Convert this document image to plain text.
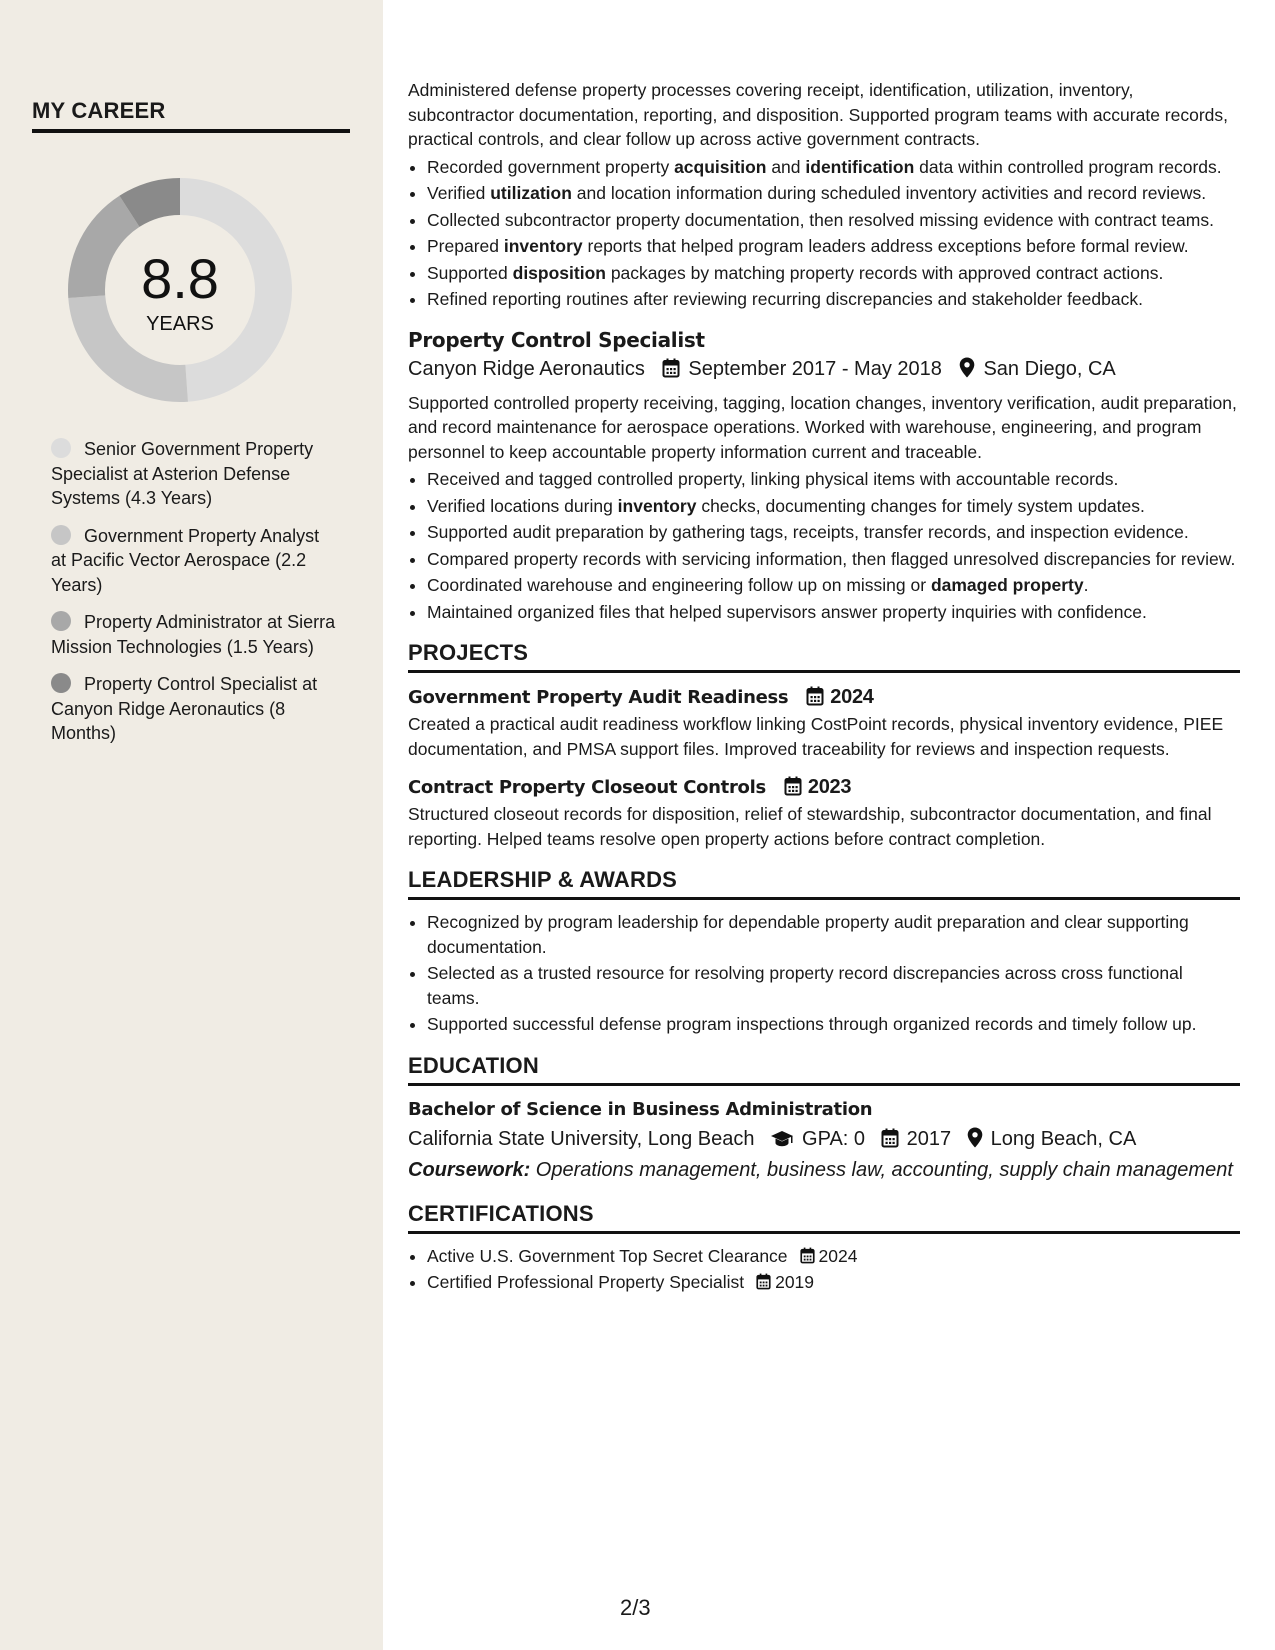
MY CAREER
8.8
YEARS
Senior Government Property Specialist at Asterion Defense Systems (4.3 Years)
Government Property Analyst at Pacific Vector Aerospace (2.2 Years)
Property Administrator at Sierra Mission Technologies (1.5 Years)
Property Control Specialist at Canyon Ridge Aeronautics (8 Months)

Administered defense property processes covering receipt, identification, utilization, inventory, subcontractor documentation, reporting, and disposition. Supported program teams with accurate records, practical controls, and clear follow up across active government contracts.

• Recorded government property acquisition and identification data within controlled program records.
• Verified utilization and location information during scheduled inventory activities and record reviews.
• Collected subcontractor property documentation, then resolved missing evidence with contract teams.
• Prepared inventory reports that helped program leaders address exceptions before formal review.
• Supported disposition packages by matching property records with approved contract actions.
• Refined reporting routines after reviewing recurring discrepancies and stakeholder feedback.
Property Control Specialist
Canyon Ridge Aeronautics September 2017 - May 2018 San Diego, CA

Supported controlled property receiving, tagging, location changes, inventory verification, audit preparation, and record maintenance for aerospace operations. Worked with warehouse, engineering, and program personnel to keep accountable property information current and traceable.

• Received and tagged controlled property, linking physical items with accountable records.
• Verified locations during inventory checks, documenting changes for timely system updates.
• Supported audit preparation by gathering tags, receipts, transfer records, and inspection evidence.
• Compared property records with servicing information, then flagged unresolved discrepancies for review.
• Coordinated warehouse and engineering follow up on missing or damaged property.
• Maintained organized files that helped supervisors answer property inquiries with confidence.
PROJECTS
Government Property Audit Readiness 2024

Created a practical audit readiness workflow linking CostPoint records, physical inventory evidence, PIEE documentation, and PMSA support files. Improved traceability for reviews and inspection requests.

Contract Property Closeout Controls 2023

Structured closeout records for disposition, relief of stewardship, subcontractor documentation, and final reporting. Helped teams resolve open property actions before contract completion.

LEADERSHIP & AWARDS
• Recognized by program leadership for dependable property audit preparation and clear supporting documentation.
• Selected as a trusted resource for resolving property record discrepancies across cross functional teams.
• Supported successful defense program inspections through organized records and timely follow up.
EDUCATION
Bachelor of Science in Business Administration
California State University, Long Beach GPA: 0 2017 Long Beach, CA
Coursework: Operations management, business law, accounting, supply chain management
CERTIFICATIONS
• Active U.S. Government Top Secret Clearance 2024
• Certified Professional Property Specialist 2019
2/3
